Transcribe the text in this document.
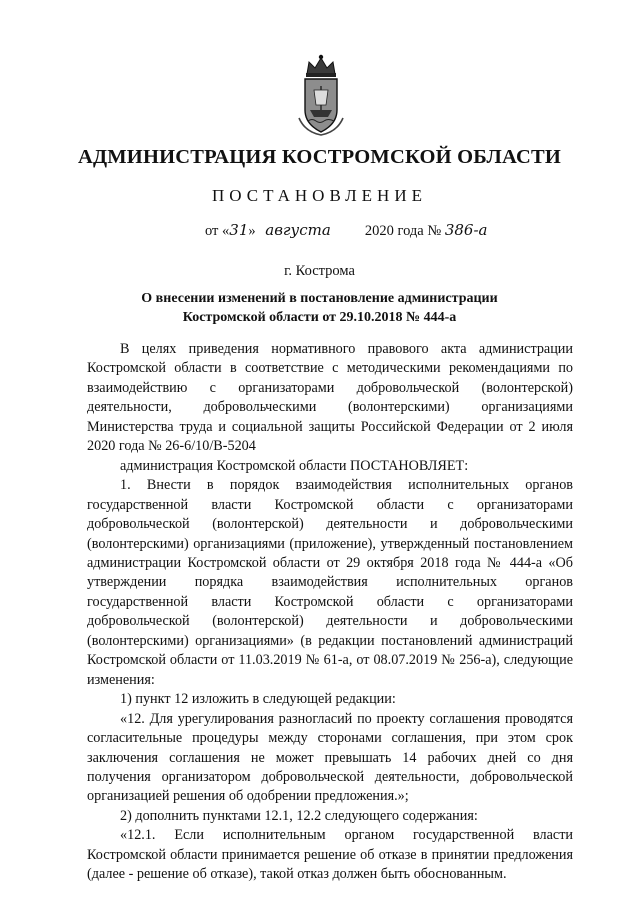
АДМИНИСТРАЦИЯ КОСТРОМСКОЙ ОБЛАСТИ
ПОСТАНОВЛЕНИЕ
от «31» августа 2020 года № 386-а
г. Кострома
О внесении изменений в постановление администрации
Костромской области от 29.10.2018 № 444-а

В целях приведения нормативного правового акта администрации Костромской области в соответствие с методическими рекомендациями по взаимодействию с организаторами добровольческой (волонтерской) деятельности, добровольческими (волонтерскими) организациями Министерства труда и социальной защиты Российской Федерации от 2 июля 2020 года № 26-6/10/В-5204

администрация Костромской области ПОСТАНОВЛЯЕТ:

1. Внести в порядок взаимодействия исполнительных органов государственной власти Костромской области с организаторами добровольческой (волонтерской) деятельности и добровольческими (волонтерскими) организациями (приложение), утвержденный постановлением администрации Костромской области от 29 октября 2018 года № 444-а «Об утверждении порядка взаимодействия исполнительных органов государственной власти Костромской области с организаторами добровольческой (волонтерской) деятельности и добровольческими (волонтерскими) организациями» (в редакции постановлений администраций Костромской области от 11.03.2019 № 61-а, от 08.07.2019 № 256-а), следующие изменения:

1) пункт 12 изложить в следующей редакции:

«12. Для урегулирования разногласий по проекту соглашения проводятся согласительные процедуры между сторонами соглашения, при этом срок заключения соглашения не может превышать 14 рабочих дней со дня получения организатором добровольческой деятельности, добровольческой организацией решения об одобрении предложения.»;

2) дополнить пунктами 12.1, 12.2 следующего содержания:

«12.1. Если исполнительным органом государственной власти Костромской области принимается решение об отказе в принятии предложения (далее - решение об отказе), такой отказ должен быть обоснованным.
